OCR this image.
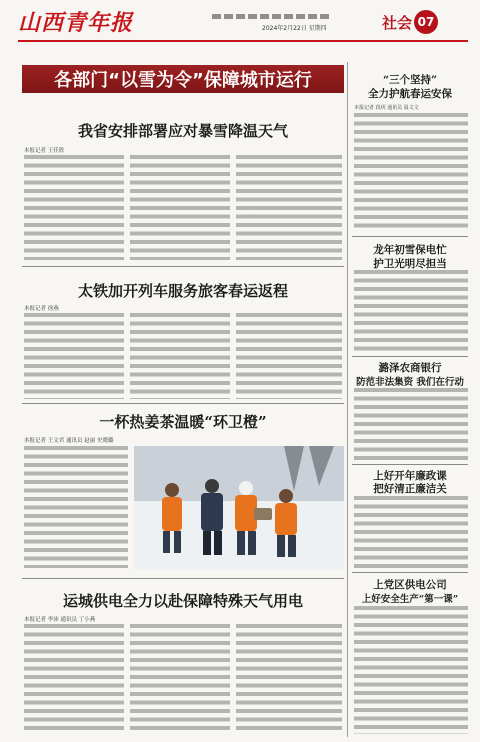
山西青年报	2024年2月22日 星期四	社会 07
各部门“以雪为令”保障城市运行
我省安排部署应对暴雪降温天气
本报记者 王佳欣
太铁加开列车服务旅客春运返程
本报记者 徐燕
一杯热姜茶温暖“环卫橙”
本报记者 王文君 通讯员 赵丽 史晓璐
运城供电全力以赴保障特殊天气用电
本报记者 李沛 通讯员 丁小燕
“三个坚持”
全力护航春运安保
本报记者 段玥 通讯员 温文文
龙年初雪保电忙
护卫光明尽担当
潞泽农商银行
防范非法集资 我们在行动
上好开年廉政课
把好清正廉洁关
上党区供电公司
上好安全生产“第一课”
